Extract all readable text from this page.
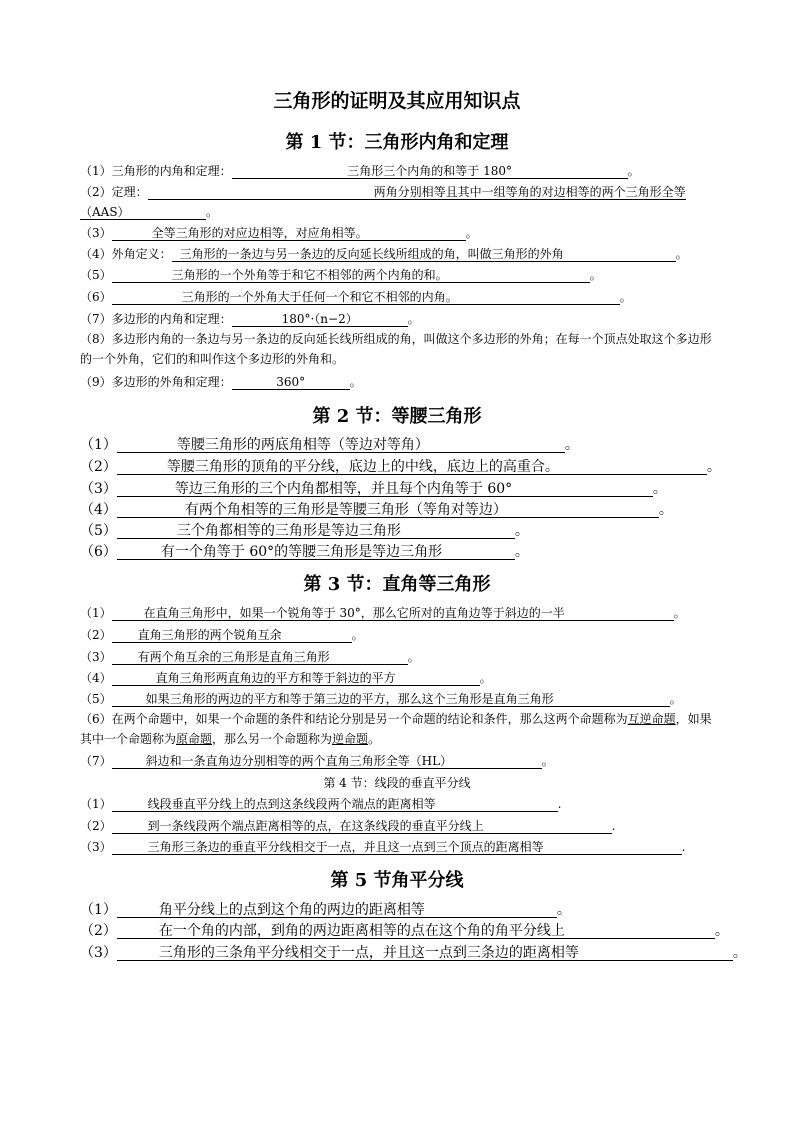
三角形的证明及其应用知识点
第 1 节：三角形内角和定理
（1）三角形的内角和定理：	三角形三个内角的和等于 180°	。
（2）定理：	两角分别相等且其中一组等角的对边相等的两个三角形全等
（AAS）	。
（3）	全等三角形的对应边相等，对应角相等。	。
（4）外角定义： 三角形的一条边与另一条边的反向延长线所组成的角，叫做三角形的外角	。
（5）	三角形的一个外角等于和它不相邻的两个内角的和。	。
（6）	三角形的一个外角大于任何一个和它不相邻的内角。	。
（7）多边形的内角和定理：	180°·（n−2）	。
（8）多边形内角的一条边与另一条边的反向延长线所组成的角，叫做这个多边形的外角；在每一个顶点处取这个多边形的一个外角，它们的和叫作这个多边形的外角和。
（9）多边形的外角和定理：	360°	。
第 2 节：等腰三角形
（1）	等腰三角形的两底角相等（等边对等角）	。
（2）	等腰三角形的顶角的平分线，底边上的中线，底边上的高重合。	。
（3）	等边三角形的三个内角都相等，并且每个内角等于 60°	。
（4）	有两个角相等的三角形是等腰三角形（等角对等边）	。
（5）	三个角都相等的三角形是等边三角形	。
（6）	有一个角等于 60°的等腰三角形是等边三角形	。
第 3 节：直角等三角形
（1）	在直角三角形中，如果一个锐角等于 30°，那么它所对的直角边等于斜边的一半	。
（2） 直角三角形的两个锐角互余	。
（3） 有两个角互余的三角形是直角三角形	。
（4）	直角三角形两直角边的平方和等于斜边的平方	。
（5）	如果三角形的两边的平方和等于第三边的平方，那么这个三角形是直角三角形	。
（6）在两个命题中，如果一个命题的条件和结论分别是另一个命题的结论和条件，那么这两个命题称为互逆命题，如果其中一个命题称为原命题，那么另一个命题称为逆命题。
（7）	斜边和一条直角边分别相等的两个直角三角形全等（HL）	。
第 4 节：线段的垂直平分线
（1）	线段垂直平分线上的点到这条线段两个端点的距离相等	.
（2）	到一条线段两个端点距离相等的点，在这条线段的垂直平分线上	.
（3）	三角形三条边的垂直平分线相交于一点，并且这一点到三个顶点的距离相等	.
第 5 节角平分线
（1）	角平分线上的点到这个角的两边的距离相等	。
（2）	在一个角的内部，到角的两边距离相等的点在这个角的角平分线上	。
（3）	三角形的三条角平分线相交于一点，并且这一点到三条边的距离相等	。
